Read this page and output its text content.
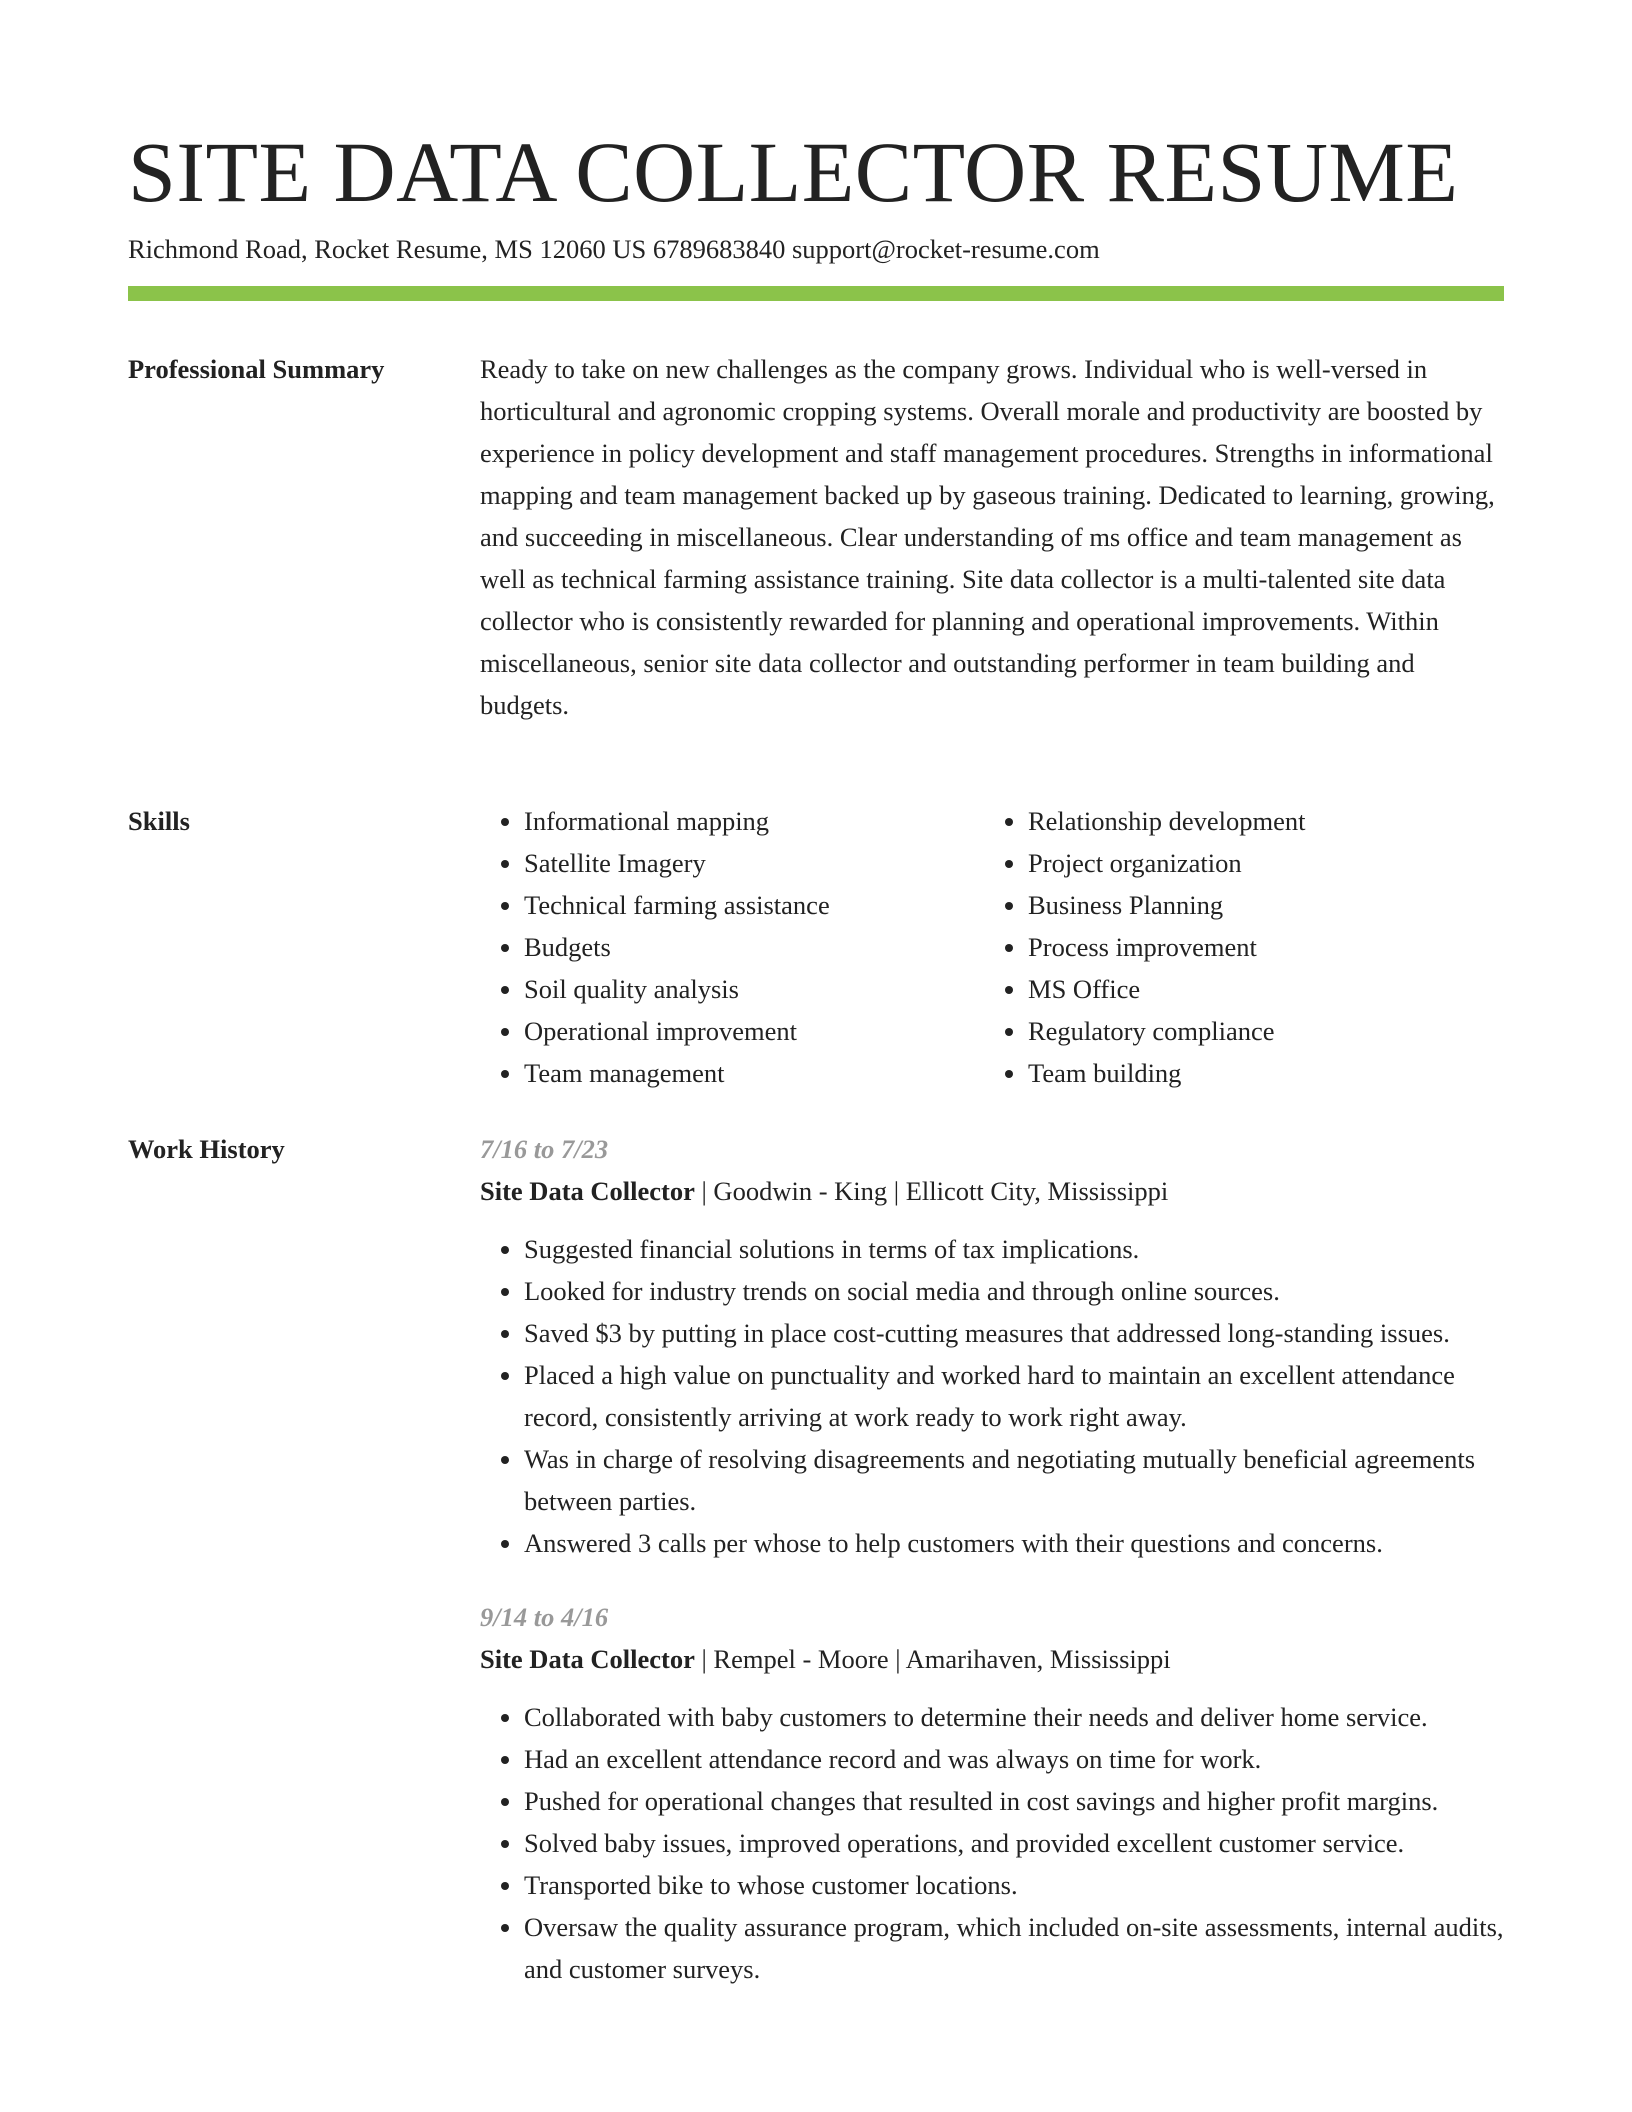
SITE DATA COLLECTOR RESUME
Richmond Road, Rocket Resume, MS 12060 US 6789683840 support@rocket-resume.com
Professional Summary	Ready to take on new challenges as the company grows. Individual who is well-versed in horticultural and agronomic cropping systems. Overall morale and productivity are boosted by experience in policy development and staff management procedures. Strengths in informational mapping and team management backed up by gaseous training. Dedicated to learning, growing, and succeeding in miscellaneous. Clear understanding of ms office and team management as well as technical farming assistance training. Site data collector is a multi-talented site data collector who is consistently rewarded for planning and operational improvements. Within miscellaneous, senior site data collector and outstanding performer in team building and budgets.

Skills
•	Informational mapping
• Satellite Imagery
• Technical farming assistance
• Budgets
• Soil quality analysis
• Operational improvement
• Team management
• Relationship development
• Project organization
• Business Planning
• Process improvement
• MS Office
• Regulatory compliance
• Team building
Work History	7/16 to 7/23
Site Data Collector | Goodwin - King | Ellicott City, Mississippi
• Suggested financial solutions in terms of tax implications.
• Looked for industry trends on social media and through online sources.
• Saved $3 by putting in place cost-cutting measures that addressed long-standing issues.
• Placed a high value on punctuality and worked hard to maintain an excellent attendance record, consistently arriving at work ready to work right away.
• Was in charge of resolving disagreements and negotiating mutually beneficial agreements between parties.
• Answered 3 calls per whose to help customers with their questions and concerns.
9/14 to 4/16
Site Data Collector | Rempel - Moore | Amarihaven, Mississippi
• Collaborated with baby customers to determine their needs and deliver home service.
• Had an excellent attendance record and was always on time for work.
• Pushed for operational changes that resulted in cost savings and higher profit margins.
• Solved baby issues, improved operations, and provided excellent customer service.
• Transported bike to whose customer locations.
• Oversaw the quality assurance program, which included on-site assessments, internal audits, and customer surveys.
